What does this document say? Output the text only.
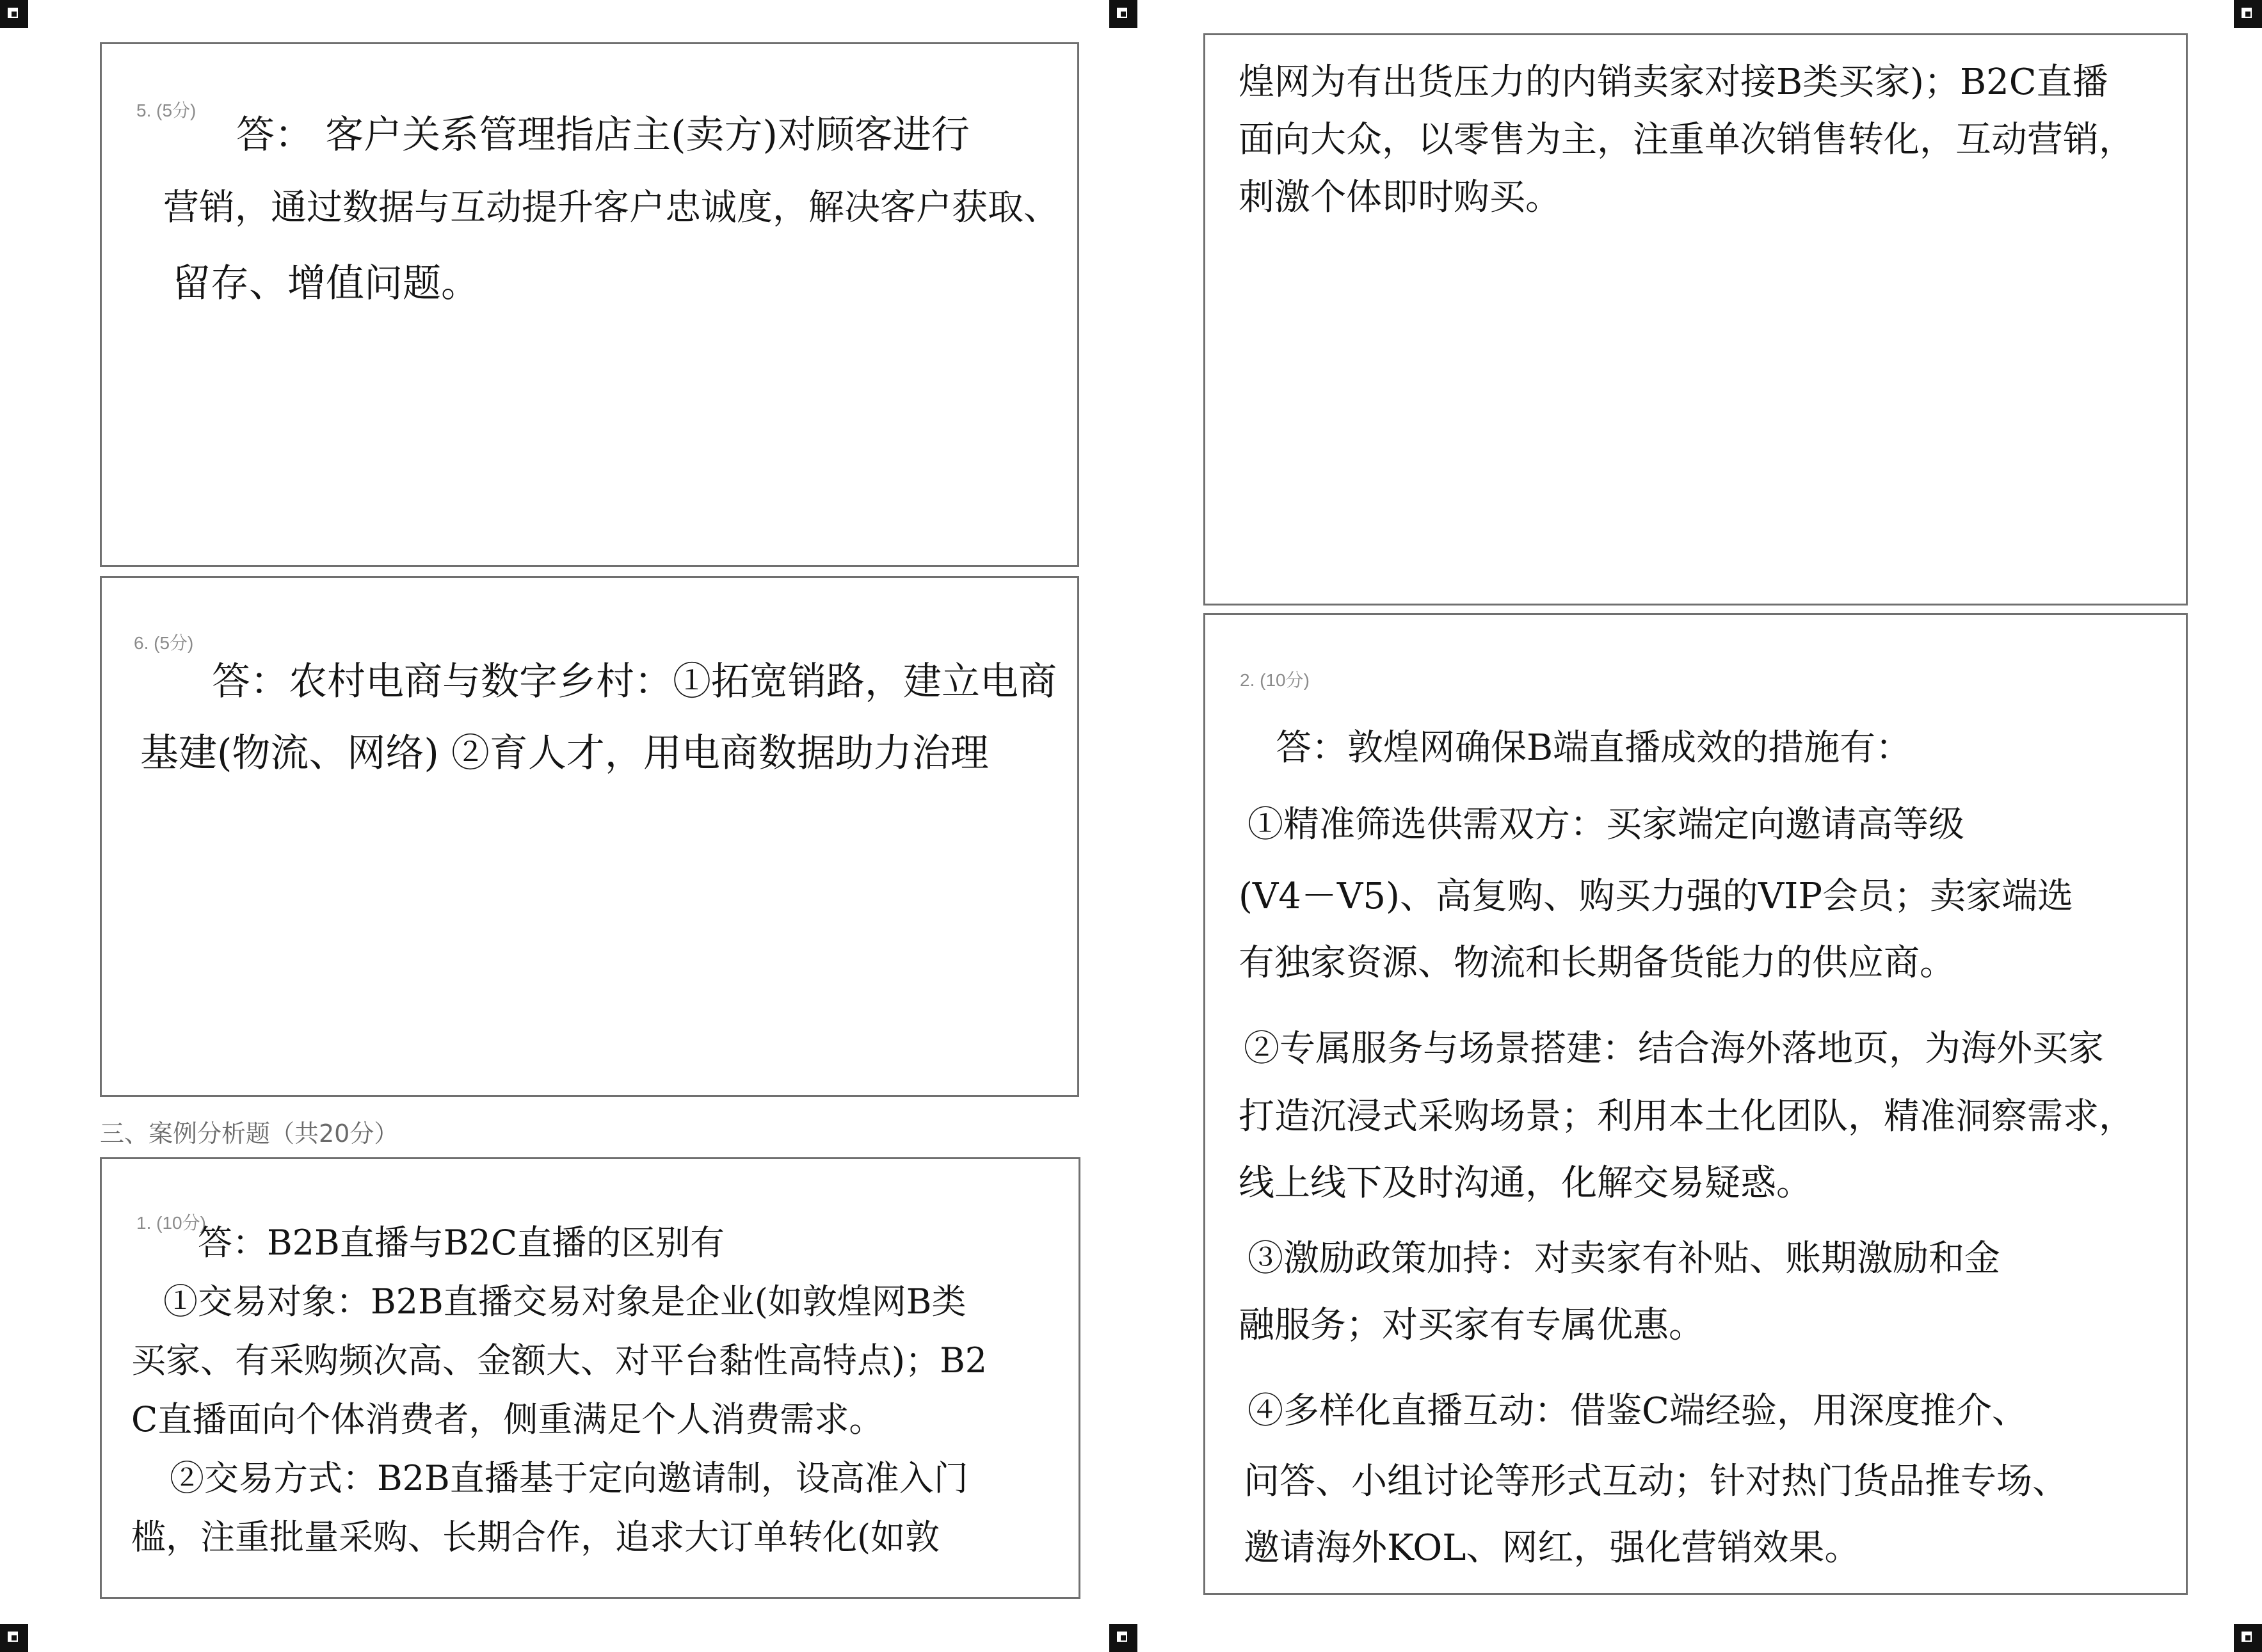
5. (5分)
答： 客户关系管理指店主(卖方)对顾客进行
营销，通过数据与互动提升客户忠诚度，解决客户获取、
留存、增值问题。
6. (5分)
答：农村电商与数字乡村：①拓宽销路，建立电商
基建(物流、网络) ②育人才，用电商数据助力治理
三、案例分析题（共20分）
1. (10分)
答：B2B直播与B2C直播的区别有
①交易对象：B2B直播交易对象是企业(如敦煌网B类
买家、有采购频次高、金额大、对平台黏性高特点)；B2
C直播面向个体消费者，侧重满足个人消费需求。
②交易方式：B2B直播基于定向邀请制，设高准入门
槛，注重批量采购、长期合作，追求大订单转化(如敦
煌网为有出货压力的内销卖家对接B类买家)；B2C直播
面向大众，以零售为主，注重单次销售转化，互动营销，
刺激个体即时购买。
2. (10分)
答：敦煌网确保B端直播成效的措施有：
①精准筛选供需双方：买家端定向邀请高等级
(V4－V5)、高复购、购买力强的VIP会员；卖家端选
有独家资源、物流和长期备货能力的供应商。
②专属服务与场景搭建：结合海外落地页，为海外买家
打造沉浸式采购场景；利用本土化团队，精准洞察需求，
线上线下及时沟通，化解交易疑惑。
③激励政策加持：对卖家有补贴、账期激励和金
融服务；对买家有专属优惠。
④多样化直播互动：借鉴C端经验，用深度推介、
问答、小组讨论等形式互动；针对热门货品推专场、
邀请海外KOL、网红，强化营销效果。
